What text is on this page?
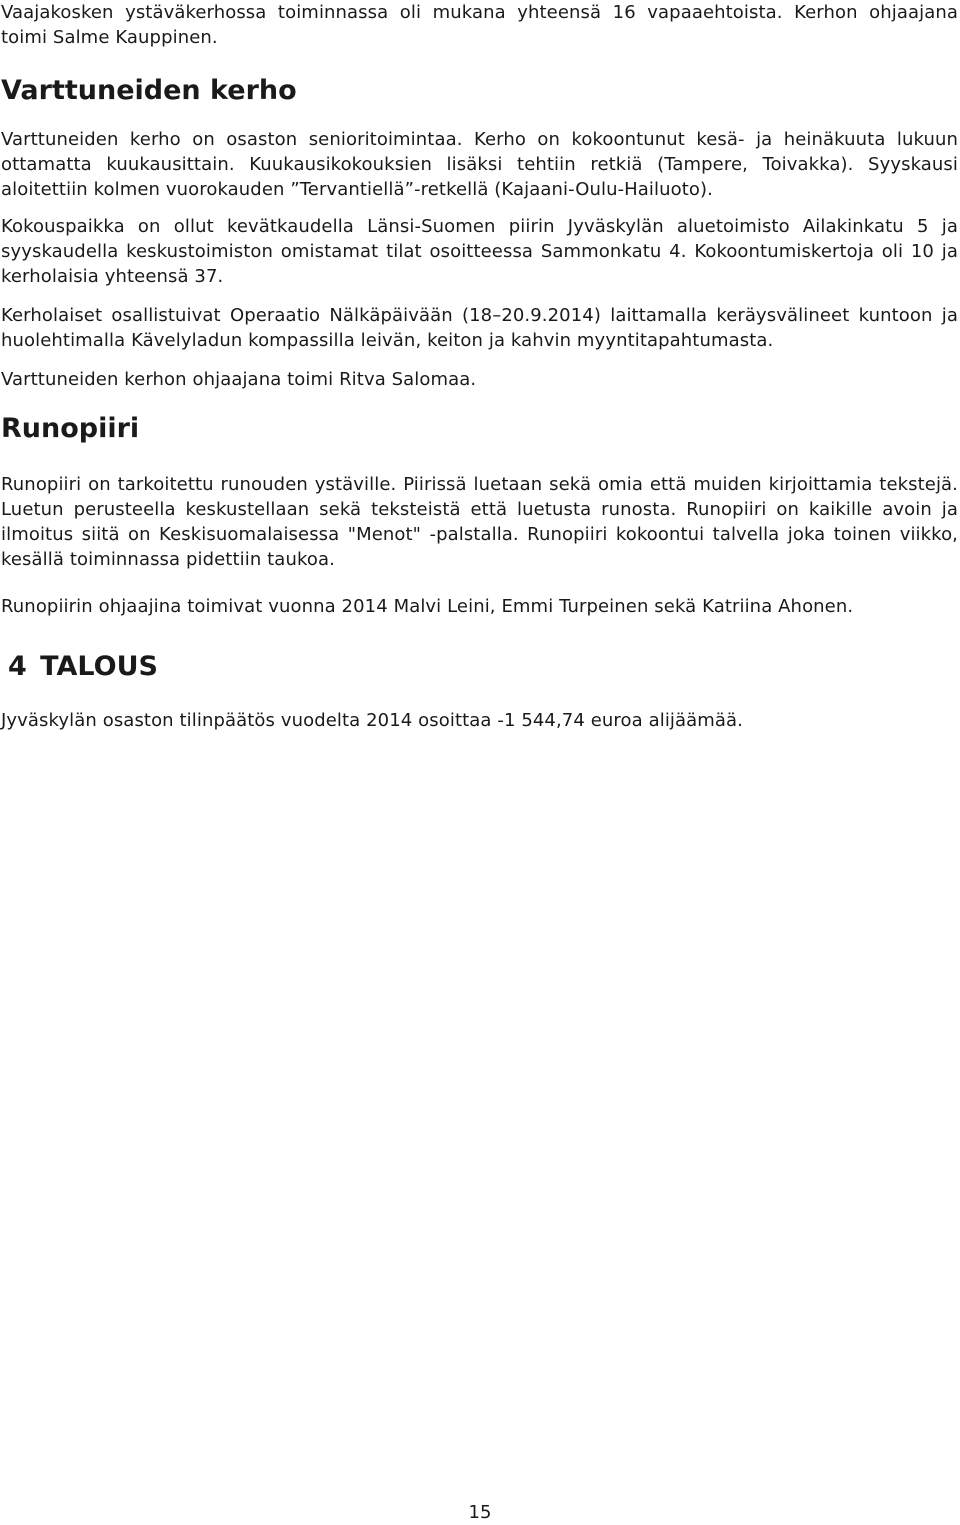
Vaajakosken ystäväkerhossa toiminnassa oli mukana yhteensä 16 vapaaehtoista. Kerhon ohjaajana toimi Salme Kauppinen.

Varttuneiden kerho

Varttuneiden kerho on osaston senioritoimintaa. Kerho on kokoontunut kesä- ja heinäkuuta lukuun ottamatta kuukausittain. Kuukausikokouksien lisäksi tehtiin retkiä (Tampere, Toivakka). Syyskausi aloitettiin kolmen vuorokauden ”Tervantiellä”-retkellä (Kajaani-Oulu-Hailuoto).

Kokouspaikka on ollut kevätkaudella Länsi-Suomen piirin Jyväskylän aluetoimisto Ailakinkatu 5 ja syyskaudella keskustoimiston omistamat tilat osoitteessa Sammonkatu 4. Kokoontumiskertoja oli 10 ja kerholaisia yhteensä 37.

Kerholaiset osallistuivat Operaatio Nälkäpäivään (18–20.9.2014) laittamalla keräysvälineet kuntoon ja huolehtimalla Kävelyladun kompassilla leivän, keiton ja kahvin myyntitapahtumasta.

Varttuneiden kerhon ohjaajana toimi Ritva Salomaa.

Runopiiri

Runopiiri on tarkoitettu runouden ystäville. Piirissä luetaan sekä omia että muiden kirjoittamia tekstejä. Luetun perusteella keskustellaan sekä teksteistä että luetusta runosta. Runopiiri on kaikille avoin ja ilmoitus siitä on Keskisuomalaisessa "Menot" -palstalla. Runopiiri kokoontui talvella joka toinen viikko, kesällä toiminnassa pidettiin taukoa.

Runopiirin ohjaajina toimivat vuonna 2014 Malvi Leini, Emmi Turpeinen sekä Katriina Ahonen.

4 TALOUS

Jyväskylän osaston tilinpäätös vuodelta 2014 osoittaa -1 544,74 euroa alijäämää.

15
